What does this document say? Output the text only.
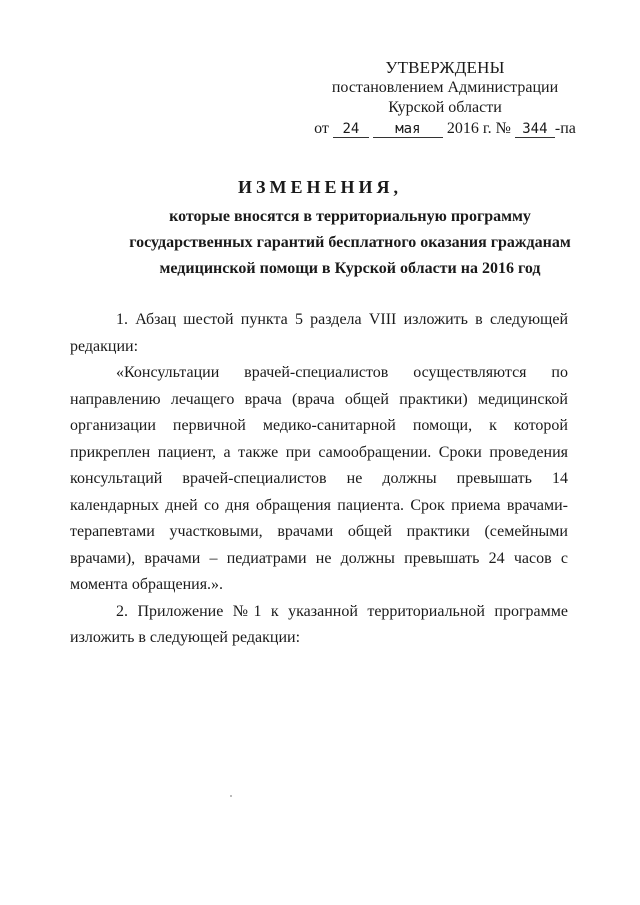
УТВЕРЖДЕНЫ
постановлением Администрации
Курской области
от 24	мая 2016 г. № 344 -па
ИЗМЕНЕНИЯ,
которые вносятся в территориальную программу
государственных гарантий бесплатного оказания гражданам
медицинской помощи в Курской области на 2016 год

1. Абзац шестой пункта 5 раздела VIII изложить в следующей редакции:

«Консультации врачей-специалистов осуществляются по направлению лечащего врача (врача общей практики) медицинской организации первичной медико-санитарной помощи, к которой прикреплен пациент, а также при самообращении. Сроки проведения консультаций врачей-специалистов не должны превышать 14 календарных дней со дня обращения пациента. Срок приема врачами-терапевтами участковыми, врачами общей практики (семейными врачами), врачами – педиатрами не должны превышать 24 часов с момента обращения.».

2. Приложение №1 к указанной территориальной программе изложить в следующей редакции:
